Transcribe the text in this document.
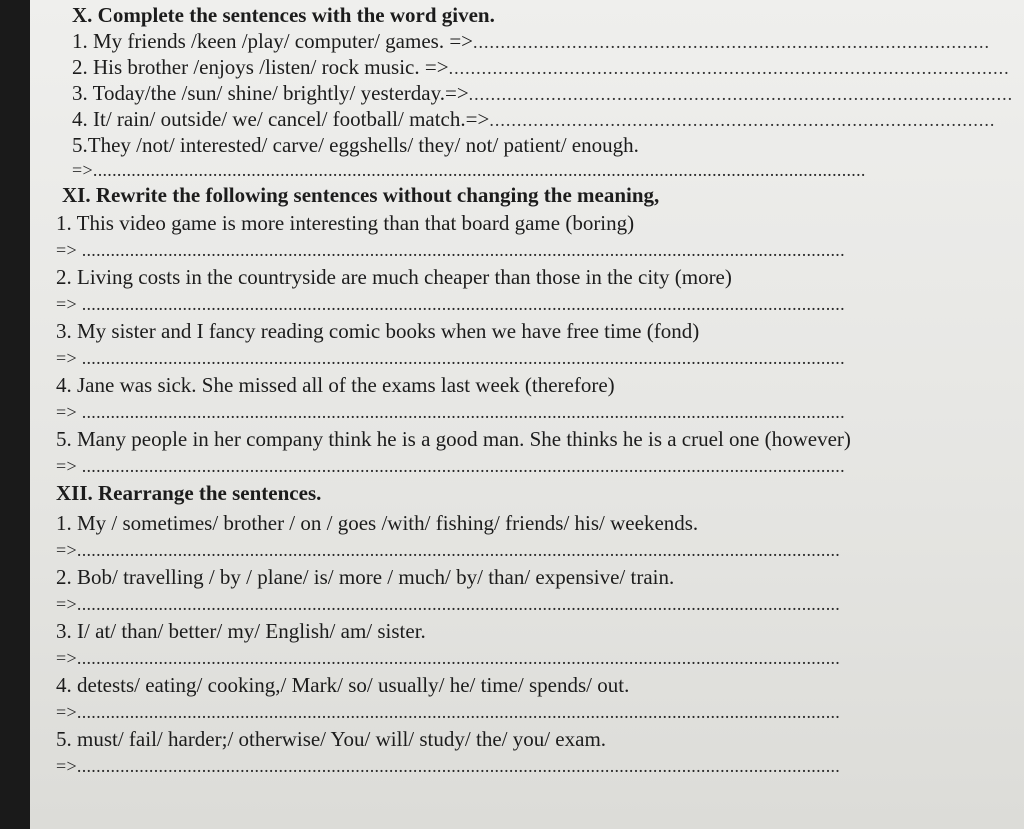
X. Complete the sentences with the word given.
1. My friends /keen /play/ computer/ games. =>..............................................................................................
2. His brother /enjoys /listen/ rock music. =>......................................................................................................
3. Today/the /sun/ shine/ brightly/ yesterday.=>...................................................................................................
4. It/ rain/ outside/ we/ cancel/ football/ match.=>............................................................................................
5.They /not/ interested/ carve/ eggshells/ they/ not/ patient/ enough.
=>.................................................................................................................................................................
XI. Rewrite the following sentences without changing the meaning,
1. This video game is more interesting than that board game (boring)
=> ...............................................................................................................................................................
2. Living costs in the countryside are much cheaper than those in the city (more)
=> ...............................................................................................................................................................
3. My sister and I fancy reading comic books when we have free time (fond)
=> ...............................................................................................................................................................
4. Jane was sick. She missed all of the exams last week (therefore)
=> ...............................................................................................................................................................
5. Many people in her company think he is a good man. She thinks he is a cruel one (however)
=> ...............................................................................................................................................................
XII. Rearrange the sentences.
1. My / sometimes/ brother / on / goes /with/ fishing/ friends/ his/ weekends.
=>...............................................................................................................................................................
2. Bob/ travelling / by / plane/ is/ more / much/ by/ than/ expensive/ train.
=>...............................................................................................................................................................
3. I/ at/ than/ better/ my/ English/ am/ sister.
=>...............................................................................................................................................................
4. detests/ eating/ cooking,/ Mark/ so/ usually/ he/ time/ spends/ out.
=>...............................................................................................................................................................
5. must/ fail/ harder;/ otherwise/ You/ will/ study/ the/ you/ exam.
=>...............................................................................................................................................................
